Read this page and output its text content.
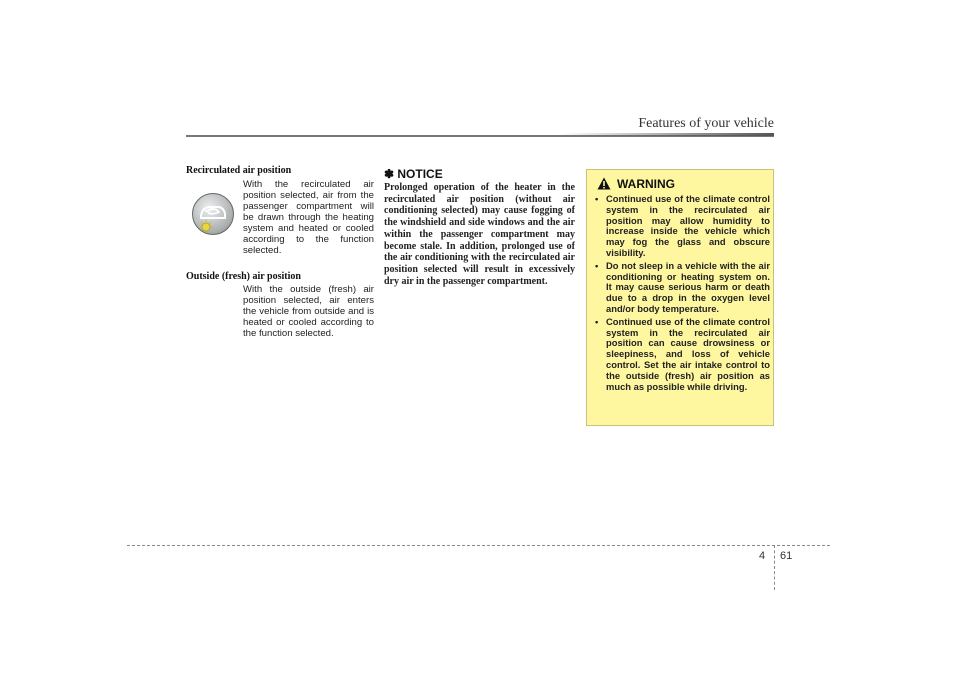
Features of your vehicle
Recirculated air position
With the recirculated air position selected, air from the passenger compartment will be drawn through the heating system and heated or cooled according to the function selected.
Outside (fresh) air position
With the outside (fresh) air position selected, air enters the vehicle from outside and is heated or cooled according to the function selected.
✽ NOTICE
Prolonged operation of the heater in the recirculated air position (without air conditioning selected) may cause fogging of the windshield and side windows and the air within the passenger compartment may become stale. In addition, prolonged use of the air conditioning with the recirculated air position selected will result in excessively dry air in the passenger compartment.
WARNING
• Continued use of the climate control system in the recirculated air position may allow humidity to increase inside the vehicle which may fog the glass and obscure visibility.
• Do not sleep in a vehicle with the air conditioning or heating system on. It may cause serious harm or death due to a drop in the oxygen level and/or body temperature.
• Continued use of the climate control system in the recirculated air position can cause drowsiness or sleepiness, and loss of vehicle control. Set the air intake control to the outside (fresh) air position as much as possible while driving.
4 61
